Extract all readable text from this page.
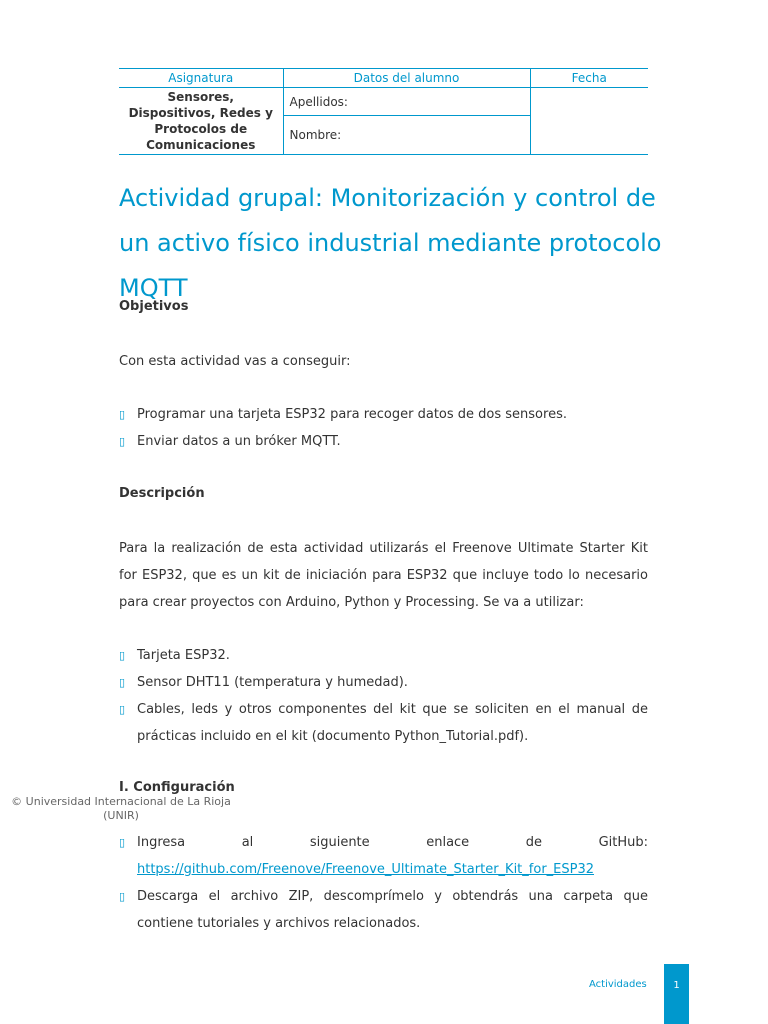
Asignatura	Datos del alumno	Fecha
Sensores, Dispositivos, Redes y Protocolos de Comunicaciones	Apellidos:	
	Nombre:	
Actividad grupal: Monitorización y control de un activo físico industrial mediante protocolo MQTT

Objetivos

Con esta actividad vas a conseguir:

▯ Programar una tarjeta ESP32 para recoger datos de dos sensores.
▯ Enviar datos a un bróker MQTT.

Descripción

Para la realización de esta actividad utilizarás el Freenove Ultimate Starter Kit for ESP32, que es un kit de iniciación para ESP32 que incluye todo lo necesario para crear proyectos con Arduino, Python y Processing. Se va a utilizar:

▯ Tarjeta ESP32.
▯ Sensor DHT11 (temperatura y humedad).
▯ Cables, leds y otros componentes del kit que se soliciten en el manual de prácticas incluido en el kit (documento Python_Tutorial.pdf).

I. Configuración

▯ Ingresa	al	siguiente	enlace	de	GitHub:
https://github.com/Freenove/Freenove_Ultimate_Starter_Kit_for_ESP32
▯ Descarga el archivo ZIP, descomprímelo y obtendrás una carpeta que contiene tutoriales y archivos relacionados.
© Universidad Internacional de La Rioja (UNIR)
Actividades	1
